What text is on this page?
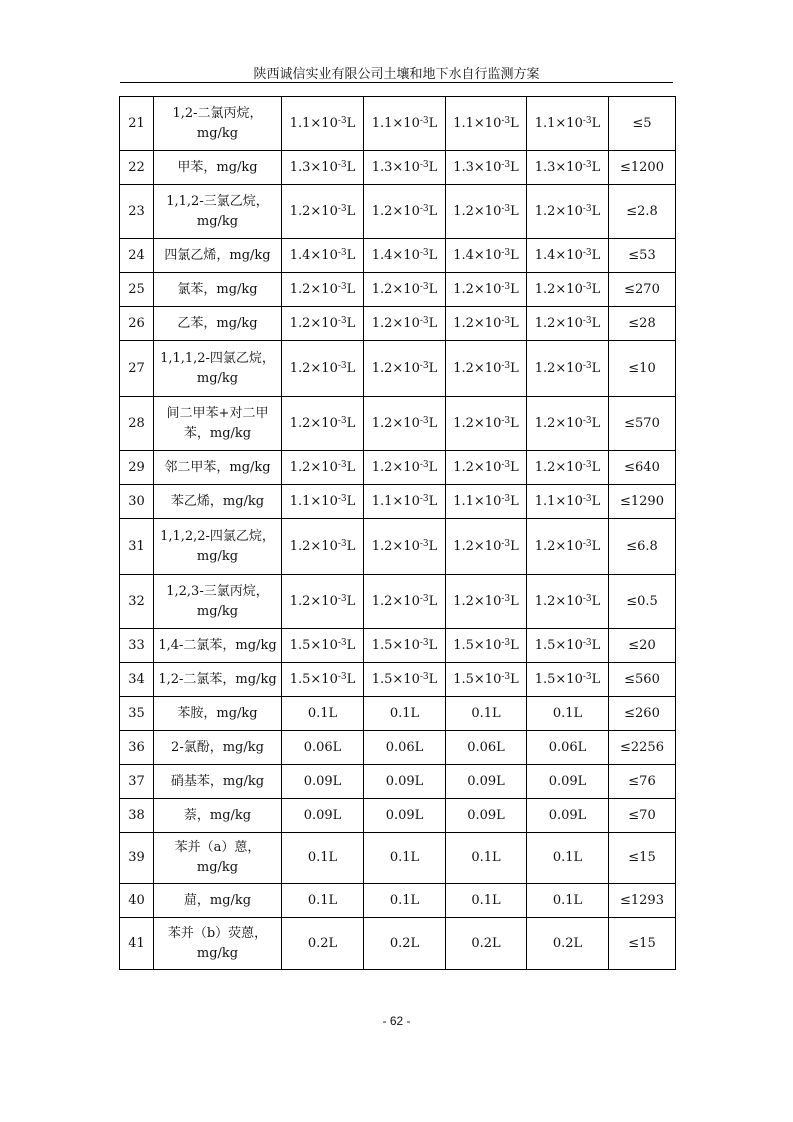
陕西诚信实业有限公司土壤和地下水自行监测方案
21	1,2-二氯丙烷，mg/kg	$1.1\times 10^{-3}L$	$1.1\times 10^{-3}L$	$1.1\times 10^{-3}L$	$1.1\times 10^{-3}L$	≤5
22	甲苯，mg/kg	$1.3\times 10^{-3}L$	$1.3\times 10^{-3}L$	$1.3\times 10^{-3}L$	$1.3\times 10^{-3}L$	≤1200
23	1,1,2-三氯乙烷，mg/kg	$1.2\times 10^{-3}L$	$1.2\times 10^{-3}L$	$1.2\times 10^{-3}L$	$1.2\times 10^{-3}L$	≤2.8
24	四氯乙烯，mg/kg	$1.4\times 10^{-3}L$	$1.4\times 10^{-3}L$	$1.4\times 10^{-3}L$	$1.4\times 10^{-3}L$	≤53
25	氯苯，mg/kg	$1.2\times 10^{-3}L$	$1.2\times 10^{-3}L$	$1.2\times 10^{-3}L$	$1.2\times 10^{-3}L$	≤270
26	乙苯，mg/kg	$1.2\times 10^{-3}L$	$1.2\times 10^{-3}L$	$1.2\times 10^{-3}L$	$1.2\times 10^{-3}L$	≤28
27	1,1,1,2-四氯乙烷，mg/kg	$1.2\times 10^{-3}L$	$1.2\times 10^{-3}L$	$1.2\times 10^{-3}L$	$1.2\times 10^{-3}L$	≤10
28	间二甲苯+对二甲苯，mg/kg	$1.2\times 10^{-3}L$	$1.2\times 10^{-3}L$	$1.2\times 10^{-3}L$	$1.2\times 10^{-3}L$	≤570
29	邻二甲苯，mg/kg	$1.2\times 10^{-3}L$	$1.2\times 10^{-3}L$	$1.2\times 10^{-3}L$	$1.2\times 10^{-3}L$	≤640
30	苯乙烯，mg/kg	$1.1\times 10^{-3}L$	$1.1\times 10^{-3}L$	$1.1\times 10^{-3}L$	$1.1\times 10^{-3}L$	≤1290
31	1,1,2,2-四氯乙烷，mg/kg	$1.2\times 10^{-3}L$	$1.2\times 10^{-3}L$	$1.2\times 10^{-3}L$	$1.2\times 10^{-3}L$	≤6.8
32	1,2,3-三氯丙烷，mg/kg	$1.2\times 10^{-3}L$	$1.2\times 10^{-3}L$	$1.2\times 10^{-3}L$	$1.2\times 10^{-3}L$	≤0.5
33	1,4-二氯苯，mg/kg	$1.5\times 10^{-3}L$	$1.5\times 10^{-3}L$	$1.5\times 10^{-3}L$	$1.5\times 10^{-3}L$	≤20
34	1,2-二氯苯，mg/kg	$1.5\times 10^{-3}L$	$1.5\times 10^{-3}L$	$1.5\times 10^{-3}L$	$1.5\times 10^{-3}L$	≤560
35	苯胺，mg/kg	0.1L	0.1L	0.1L	0.1L	≤260
36	2-氯酚，mg/kg	0.06L	0.06L	0.06L	0.06L	≤2256
37	硝基苯，mg/kg	0.09L	0.09L	0.09L	0.09L	≤76
38	萘，mg/kg	0.09L	0.09L	0.09L	0.09L	≤70
39	苯并（a）蒽，mg/kg	0.1L	0.1L	0.1L	0.1L	≤15
40	䓛，mg/kg	0.1L	0.1L	0.1L	0.1L	≤1293
41	苯并（b）荧蒽，mg/kg	0.2L	0.2L	0.2L	0.2L	≤15
- 62 -
